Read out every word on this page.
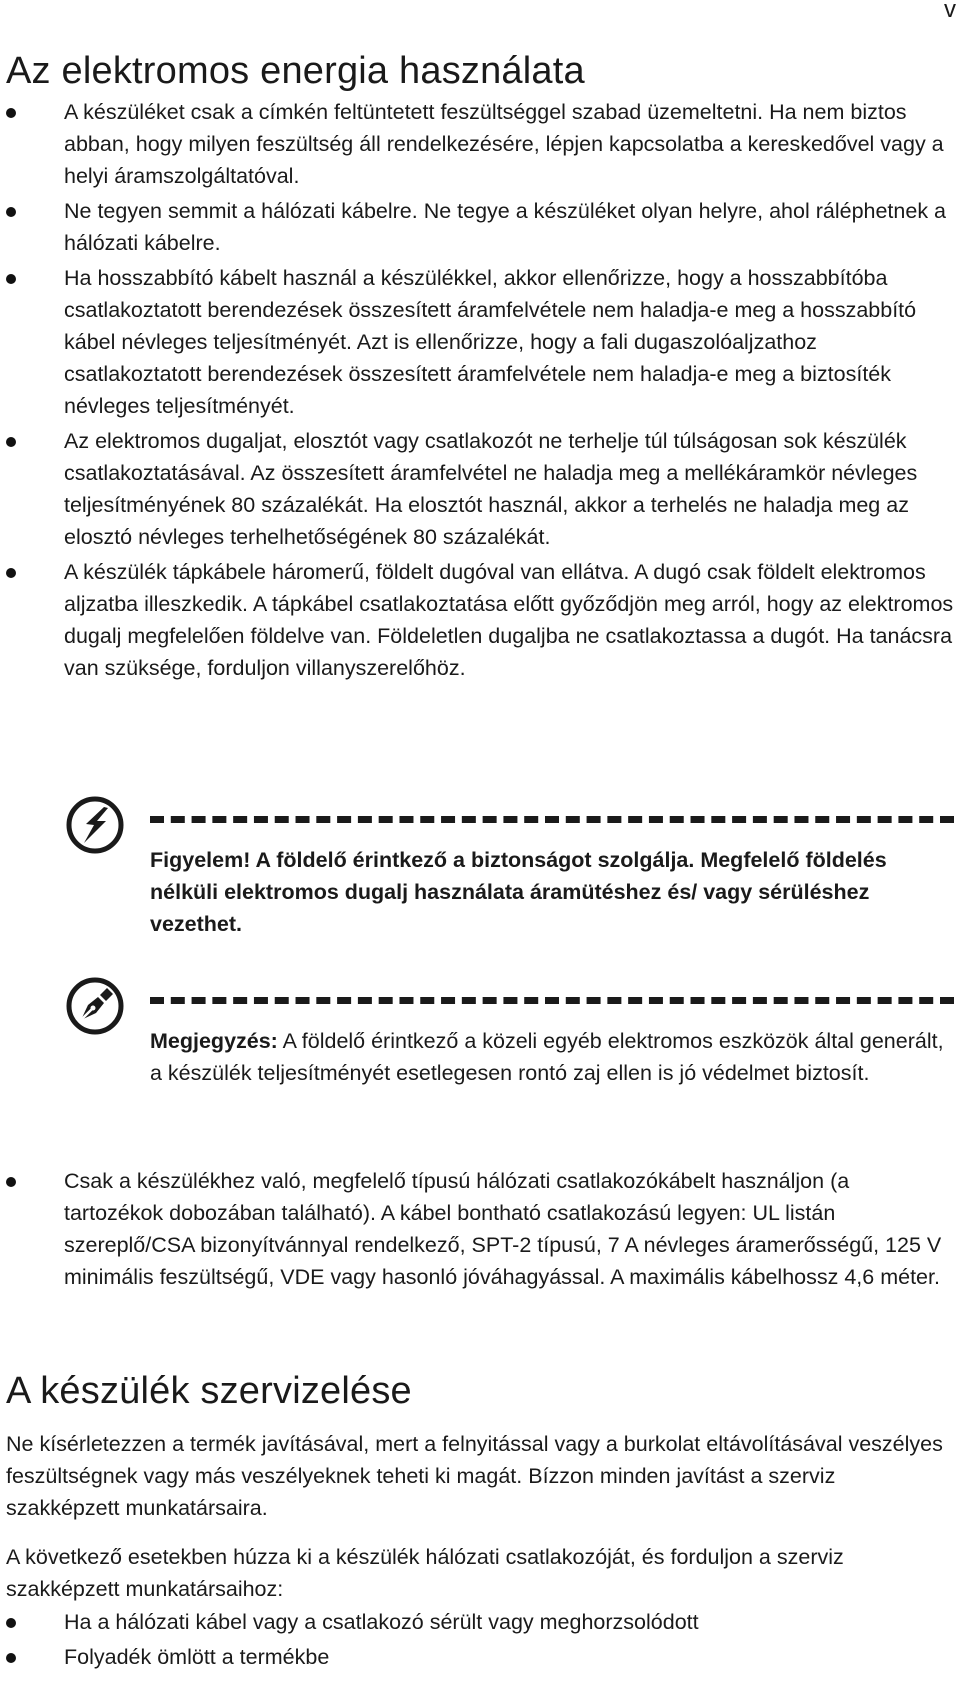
v
Az elektromos energia használata
A készüléket csak a címkén feltüntetett feszültséggel szabad üzemeltetni. Ha nem biztos abban, hogy milyen feszültség áll rendelkezésére, lépjen kapcsolatba a kereskedővel vagy a helyi áramszolgáltatóval.
Ne tegyen semmit a hálózati kábelre. Ne tegye a készüléket olyan helyre, ahol ráléphetnek a hálózati kábelre.
Ha hosszabbító kábelt használ a készülékkel, akkor ellenőrizze, hogy a hosszabbítóba csatlakoztatott berendezések összesített áramfelvétele nem haladja-e meg a hosszabbító kábel névleges teljesítményét. Azt is ellenőrizze, hogy a fali dugaszolóaljzathoz csatlakoztatott berendezések összesített áramfelvétele nem haladja-e meg a biztosíték névleges teljesítményét.
Az elektromos dugaljat, elosztót vagy csatlakozót ne terhelje túl túlságosan sok készülék csatlakoztatásával. Az összesített áramfelvétel ne haladja meg a mellékáramkör névleges teljesítményének 80 százalékát. Ha elosztót használ, akkor a terhelés ne haladja meg az elosztó névleges terhelhetőségének 80 százalékát.
A készülék tápkábele háromerű, földelt dugóval van ellátva. A dugó csak földelt elektromos aljzatba illeszkedik. A tápkábel csatlakoztatása előtt győződjön meg arról, hogy az elektromos dugalj megfelelően földelve van. Földeletlen dugaljba ne csatlakoztassa a dugót. Ha tanácsra van szüksége, forduljon villanyszerelőhöz.
Figyelem! A földelő érintkező a biztonságot szolgálja. Megfelelő földelés nélküli elektromos dugalj használata áramütéshez és/ vagy sérüléshez vezethet.
Megjegyzés: A földelő érintkező a közeli egyéb elektromos eszközök által generált, a készülék teljesítményét esetlegesen rontó zaj ellen is jó védelmet biztosít.
Csak a készülékhez való, megfelelő típusú hálózati csatlakozókábelt használjon (a tartozékok dobozában található). A kábel bontható csatlakozású legyen: UL listán szereplő/CSA bizonyítvánnyal rendelkező, SPT-2 típusú, 7 A névleges áramerősségű, 125 V minimális feszültségű, VDE vagy hasonló jóváhagyással. A maximális kábelhossz 4,6 méter.
A készülék szervizelése

Ne kísérletezzen a termék javításával, mert a felnyitással vagy a burkolat eltávolításával veszélyes feszültségnek vagy más veszélyeknek teheti ki magát. Bízzon minden javítást a szerviz szakképzett munkatársaira.

A következő esetekben húzza ki a készülék hálózati csatlakozóját, és forduljon a szerviz szakképzett munkatársaihoz:

Ha a hálózati kábel vagy a csatlakozó sérült vagy meghorzsolódott
Folyadék ömlött a termékbe
